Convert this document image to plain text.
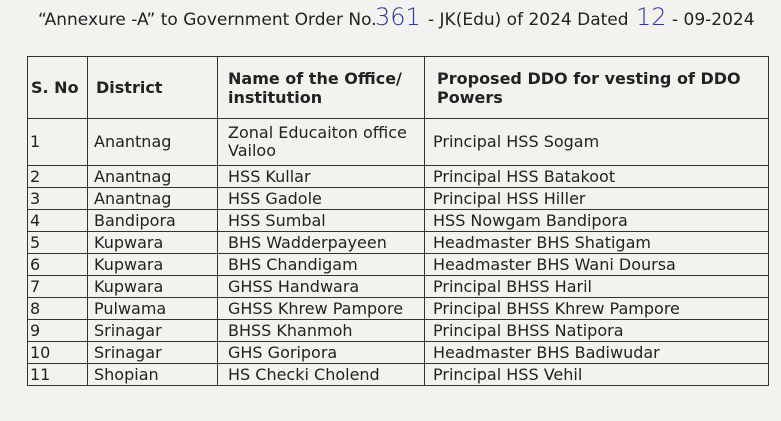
“Annexure -A” to Government Order No.
361 - JK(Edu) of 2024 Dated 12 - 09-2024
S. No	District	Name of the Office/ institution	Proposed DDO for vesting of DDO Powers

1	Anantnag	Zonal Educaiton office Vailoo	Principal HSS Sogam
2	Anantnag	HSS Kullar	Principal HSS Batakoot
3	Anantnag	HSS Gadole	Principal HSS Hiller
4	Bandipora	HSS Sumbal	HSS Nowgam Bandipora
5	Kupwara	BHS Wadderpayeen	Headmaster BHS Shatigam
6	Kupwara	BHS Chandigam	Headmaster BHS Wani Doursa
7	Kupwara	GHSS Handwara	Principal BHSS Haril
8	Pulwama	GHSS Khrew Pampore	Principal BHSS Khrew Pampore
9	Srinagar	BHSS Khanmoh	Principal BHSS Natipora
10	Srinagar	GHS Goripora	Headmaster BHS Badiwudar
11	Shopian	HS Checki Cholend	Principal HSS Vehil
